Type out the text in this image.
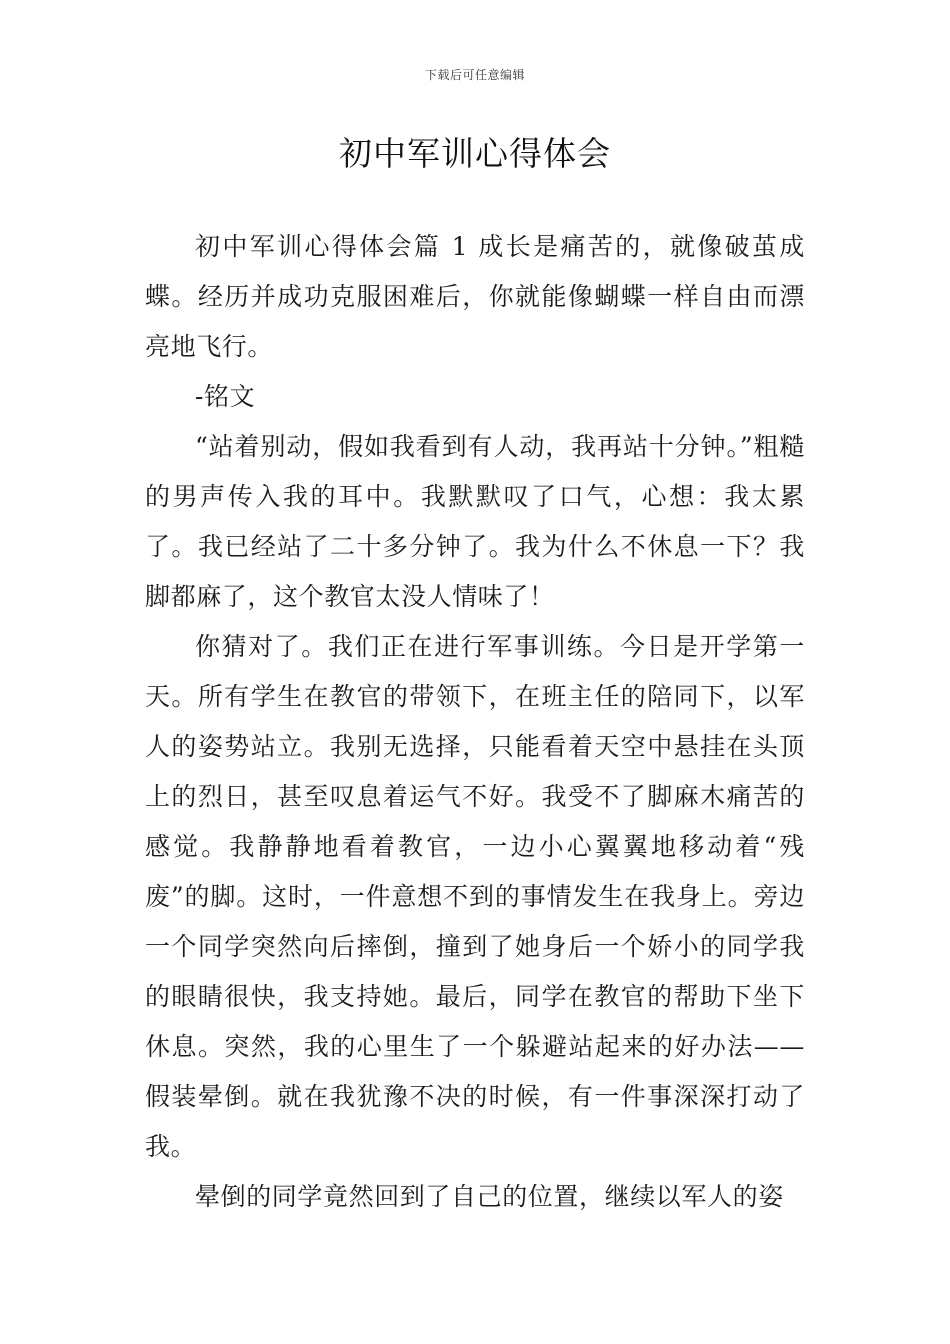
下载后可任意编辑
初中军训心得体会

初中军训心得体会篇 1 成长是痛苦的，就像破茧成蝶。经历并成功克服困难后，你就能像蝴蝶一样自由而漂亮地飞行。

-铭文

“站着别动，假如我看到有人动，我再站十分钟。”粗糙的男声传入我的耳中。我默默叹了口气，心想：我太累了。我已经站了二十多分钟了。我为什么不休息一下？我脚都麻了，这个教官太没人情味了！

你猜对了。我们正在进行军事训练。今日是开学第一天。所有学生在教官的带领下，在班主任的陪同下，以军人的姿势站立。我别无选择，只能看着天空中悬挂在头顶上的烈日，甚至叹息着运气不好。我受不了脚麻木痛苦的感觉。我静静地看着教官，一边小心翼翼地移动着“残废”的脚。这时，一件意想不到的事情发生在我身上。旁边一个同学突然向后摔倒，撞到了她身后一个娇小的同学我的眼睛很快，我支持她。最后，同学在教官的帮助下坐下休息。突然，我的心里生了一个躲避站起来的好办法——假装晕倒。就在我犹豫不决的时候，有一件事深深打动了我。

晕倒的同学竟然回到了自己的位置，继续以军人的姿
